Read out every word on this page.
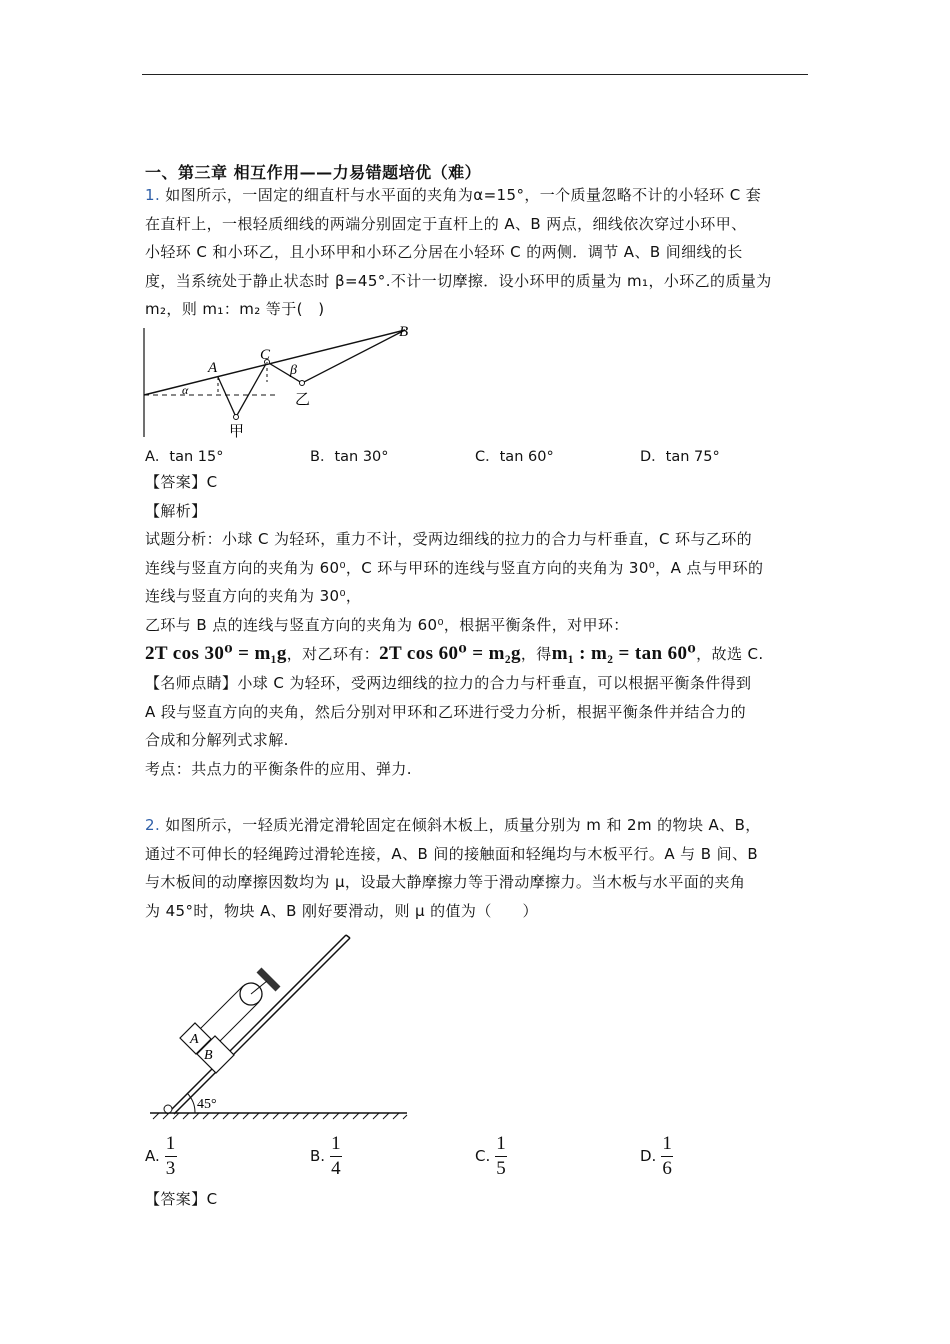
一、第三章 相互作用——力易错题培优（难）
1. 如图所示，一固定的细直杆与水平面的夹角为α=15°，一个质量忽略不计的小轻环 C 套
在直杆上，一根轻质细线的两端分别固定于直杆上的 A、B 两点，细线依次穿过小环甲、
小轻环 C 和小环乙，且小环甲和小环乙分居在小轻环 C 的两侧．调节 A、B 间细线的长
度，当系统处于静止状态时 β=45°.不计一切摩擦．设小环甲的质量为 m₁，小环乙的质量为
m₂，则 m₁：m₂ 等于(　)
A
B
C
β
α
甲
乙
A．tan 15°	B．tan 30°	C．tan 60°	D．tan 75°
【答案】C
【解析】
试题分析：小球 C 为轻环，重力不计，受两边细线的拉力的合力与杆垂直，C 环与乙环的
连线与竖直方向的夹角为 60⁰，C 环与甲环的连线与竖直方向的夹角为 30⁰，A 点与甲环的
连线与竖直方向的夹角为 30⁰，
乙环与 B 点的连线与竖直方向的夹角为 60⁰，根据平衡条件，对甲环：
2T cos 30⁰ = m₁g，对乙环有：2T cos 60⁰ = m₂g，得m₁ : m₂ = tan 60⁰，故选 C.
【名师点睛】小球 C 为轻环，受两边细线的拉力的合力与杆垂直，可以根据平衡条件得到
A 段与竖直方向的夹角，然后分别对甲环和乙环进行受力分析，根据平衡条件并结合力的
合成和分解列式求解.
考点：共点力的平衡条件的应用、弹力.
2. 如图所示，一轻质光滑定滑轮固定在倾斜木板上，质量分别为 m 和 2m 的物块 A、B，
通过不可伸长的轻绳跨过滑轮连接，A、B 间的接触面和轻绳均与木板平行。A 与 B 间、B
与木板间的动摩擦因数均为 μ，设最大静摩擦力等于滑动摩擦力。当木板与水平面的夹角
为 45°时，物块 A、B 刚好要滑动，则 μ 的值为（　　）
45°
B
A
A. $\frac{1}{3}$	B. $\frac{1}{4}$	C. $\frac{1}{5}$	D. $\frac{1}{6}$
【答案】C
